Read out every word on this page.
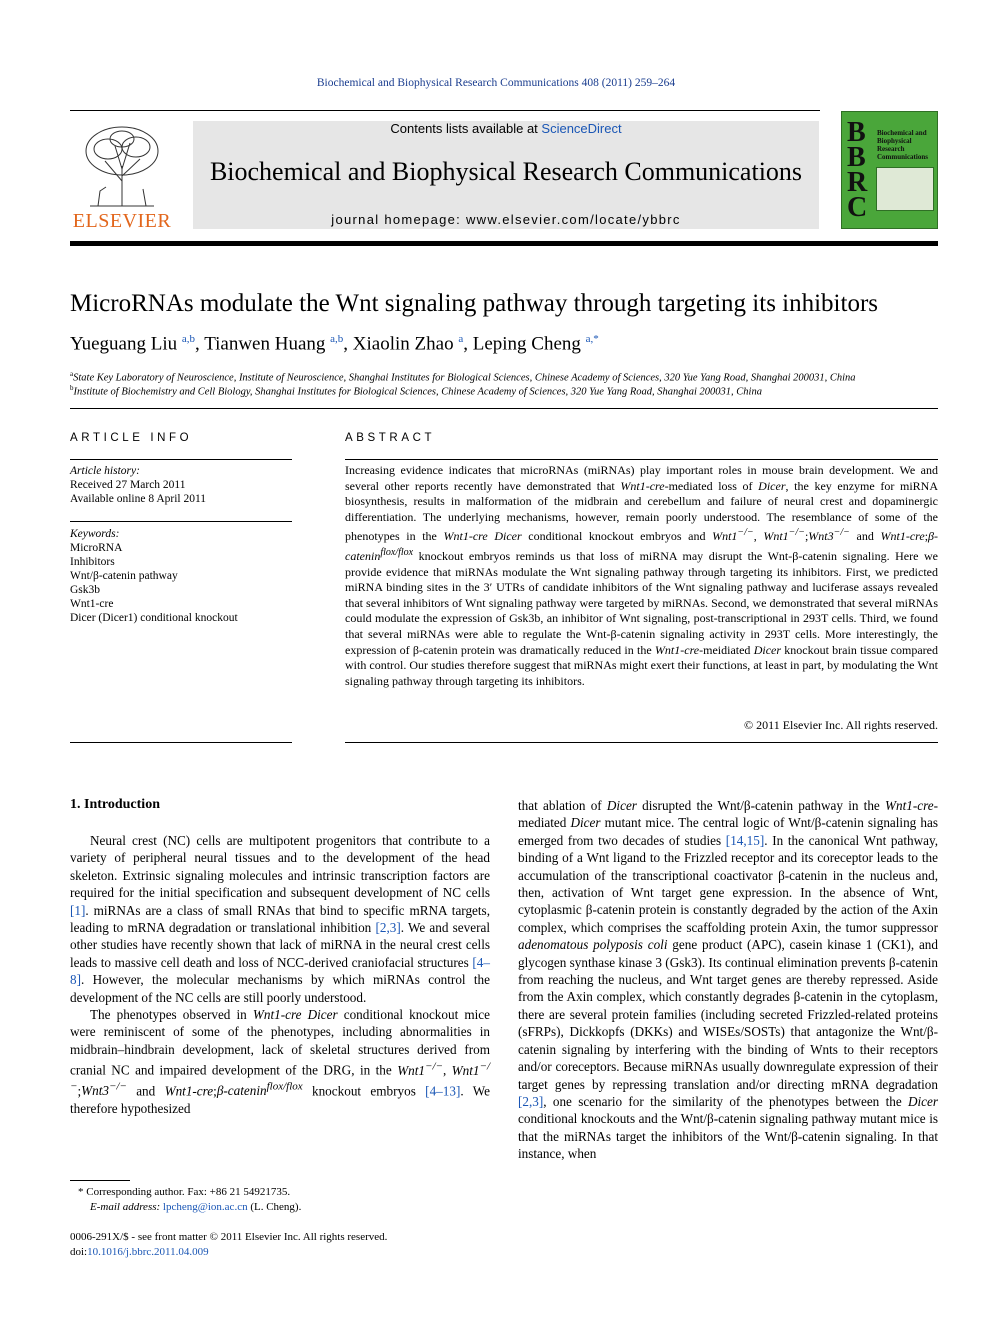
Biochemical and Biophysical Research Communications 408 (2011) 259–264
ELSEVIER
Contents lists available at ScienceDirect
Biochemical and Biophysical Research Communications
journal homepage: www.elsevier.com/locate/ybbrc
B
B
R
C
Biochemical and Biophysical Research Communications
MicroRNAs modulate the Wnt signaling pathway through targeting its inhibitors
Yueguang Liu $^{a,b}$, Tianwen Huang $^{a,b}$, Xiaolin Zhao $^a$, Leping Cheng $^{a,*}$
$^a$State Key Laboratory of Neuroscience, Institute of Neuroscience, Shanghai Institutes for Biological Sciences, Chinese Academy of Sciences, 320 Yue Yang Road, Shanghai 200031, China
$^b$Institute of Biochemistry and Cell Biology, Shanghai Institutes for Biological Sciences, Chinese Academy of Sciences, 320 Yue Yang Road, Shanghai 200031, China
ARTICLE INFO
Article history:
Received 27 March 2011
Available online 8 April 2011
Keywords:
MicroRNA
Inhibitors
Wnt/β-catenin pathway
Gsk3b
Wnt1-cre
Dicer (Dicer1) conditional knockout
ABSTRACT
Increasing evidence indicates that microRNAs (miRNAs) play important roles in mouse brain development. We and several other reports recently have demonstrated that Wnt1-cre-mediated loss of Dicer, the key enzyme for miRNA biosynthesis, results in malformation of the midbrain and cerebellum and failure of neural crest and dopaminergic differentiation. The underlying mechanisms, however, remain poorly understood. The resemblance of some of the phenotypes in the Wnt1-cre Dicer conditional knockout embryos and Wnt1−/−, Wnt1−/−;Wnt3−/− and Wnt1-cre;β-catenin$^{flox/flox}$ knockout embryos reminds us that loss of miRNA may disrupt the Wnt-β-catenin signaling. Here we provide evidence that miRNAs modulate the Wnt signaling pathway through targeting its inhibitors. First, we predicted miRNA binding sites in the 3′ UTRs of candidate inhibitors of the Wnt signaling pathway and luciferase assays revealed that several inhibitors of Wnt signaling pathway were targeted by miRNAs. Second, we demonstrated that several miRNAs could modulate the expression of Gsk3b, an inhibitor of Wnt signaling, post-transcriptional in 293T cells. Third, we found that several miRNAs were able to regulate the Wnt-β-catenin signaling activity in 293T cells. More interestingly, the expression of β-catenin protein was dramatically reduced in the Wnt1-cre-meidiated Dicer knockout brain tissue compared with control. Our studies therefore suggest that miRNAs might exert their functions, at least in part, by modulating the Wnt signaling pathway through targeting its inhibitors.
© 2011 Elsevier Inc. All rights reserved.
1. Introduction

Neural crest (NC) cells are multipotent progenitors that contribute to a variety of peripheral neural tissues and to the development of the head skeleton. Extrinsic signaling molecules and intrinsic transcription factors are required for the initial specification and subsequent development of NC cells [1]. miRNAs are a class of small RNAs that bind to specific mRNA targets, leading to mRNA degradation or translational inhibition [2,3]. We and several other studies have recently shown that lack of miRNA in the neural crest cells leads to massive cell death and loss of NCC-derived craniofacial structures [4–8]. However, the molecular mechanisms by which miRNAs control the development of the NC cells are still poorly understood.

The phenotypes observed in Wnt1-cre Dicer conditional knockout mice were reminiscent of some of the phenotypes, including abnormalities in midbrain–hindbrain development, lack of skeletal structures derived from cranial NC and impaired development of the DRG, in the Wnt1−/−, Wnt1−/−;Wnt3−/− and Wnt1-cre;β-catenin$^{flox/flox}$ knockout embryos [4–13]. We therefore hypothesized

that ablation of Dicer disrupted the Wnt/β-catenin pathway in the Wnt1-cre-mediated Dicer mutant mice. The central logic of Wnt/β-catenin signaling has emerged from two decades of studies [14,15]. In the canonical Wnt pathway, binding of a Wnt ligand to the Frizzled receptor and its coreceptor leads to the accumulation of the transcriptional coactivator β-catenin in the nucleus and, then, activation of Wnt target gene expression. In the absence of Wnt, cytoplasmic β-catenin protein is constantly degraded by the action of the Axin complex, which comprises the scaffolding protein Axin, the tumor suppressor adenomatous polyposis coli gene product (APC), casein kinase 1 (CK1), and glycogen synthase kinase 3 (Gsk3). Its continual elimination prevents β-catenin from reaching the nucleus, and Wnt target genes are thereby repressed. Aside from the Axin complex, which constantly degrades β-catenin in the cytoplasm, there are several protein families (including secreted Frizzled-related proteins (sFRPs), Dickkopfs (DKKs) and WISEs/SOSTs) that antagonize the Wnt/β-catenin signaling by interfering with the binding of Wnts to their receptors and/or coreceptors. Because miRNAs usually downregulate expression of their target genes by repressing translation and/or directing mRNA degradation [2,3], one scenario for the similarity of the phenotypes between the Dicer conditional knockouts and the Wnt/β-catenin signaling pathway mutant mice is that the miRNAs target the inhibitors of the Wnt/β-catenin signaling. In that instance, when

* Corresponding author. Fax: +86 21 54921735.
E-mail address: lpcheng@ion.ac.cn (L. Cheng).
0006-291X/$ - see front matter © 2011 Elsevier Inc. All rights reserved.
doi:10.1016/j.bbrc.2011.04.009
